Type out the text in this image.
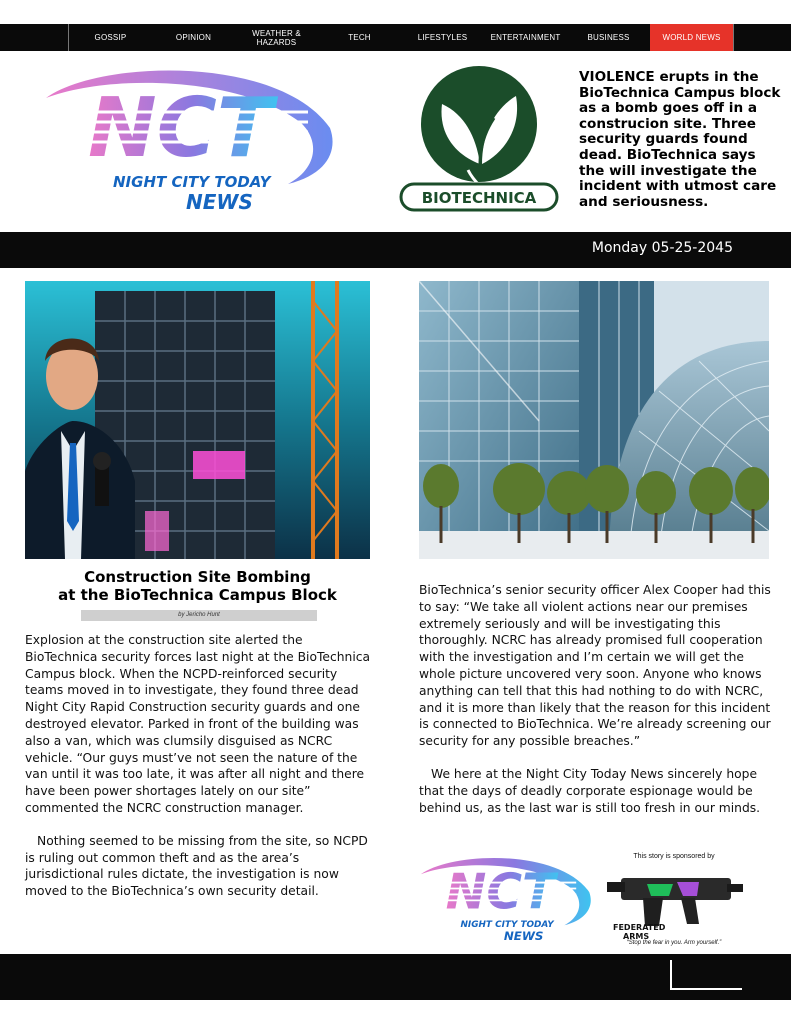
GOSSIP	OPINION	WEATHER & HAZARDS	TECH	LIFESTYLES	ENTERTAINMENT	BUSINESS	WORLD NEWS
NCT
NIGHT CITY TODAY
NEWS	BIOTECHNICA
VIOLENCE erupts in the BioTechnica Campus block as a bomb goes off in a construcion site. Three security guards found dead. BioTechnica says the will investigate the incident with utmost care and seriousness.
Monday 05-25-2045
Construction Site Bombing
at the BioTechnica Campus Block
by Jericho Hunt

Explosion at the construction site alerted the BioTechnica security forces last night at the BioTechnica Campus block. When the NCPD-reinforced security teams moved in to investigate, they found three dead Night City Rapid Construction security guards and one destroyed elevator. Parked in front of the building was also a van, which was clumsily disguised as NCRC vehicle. “Our guys must’ve not seen the nature of the van until it was too late, it was after all night and there have been power shortages lately on our site” commented the NCRC construction manager.

Nothing seemed to be missing from the site, so NCPD is ruling out common theft and as the area’s jurisdictional rules dictate, the investigation is now moved to the BioTechnica’s own security detail.

BioTechnica’s senior security officer Alex Cooper had this to say: “We take all violent actions near our premises extremely seriously and will be investigating this thoroughly. NCRC has already promised full cooperation with the investigation and I’m certain we will get the whole picture uncovered very soon. Anyone who knows anything can tell that this had nothing to do with NCRC, and it is more than likely that the reason for this incident is connected to BioTechnica. We’re already screening our security for any possible breaches.”

We here at the Night City Today News sincerely hope that the days of deadly corporate espionage would be behind us, as the last war is still too fresh in our minds.

NCT
NIGHT CITY TODAY
NEWS
This story is sponsored by
FEDERATED
ARMS
“Stop the fear in you. Arm yourself.”
